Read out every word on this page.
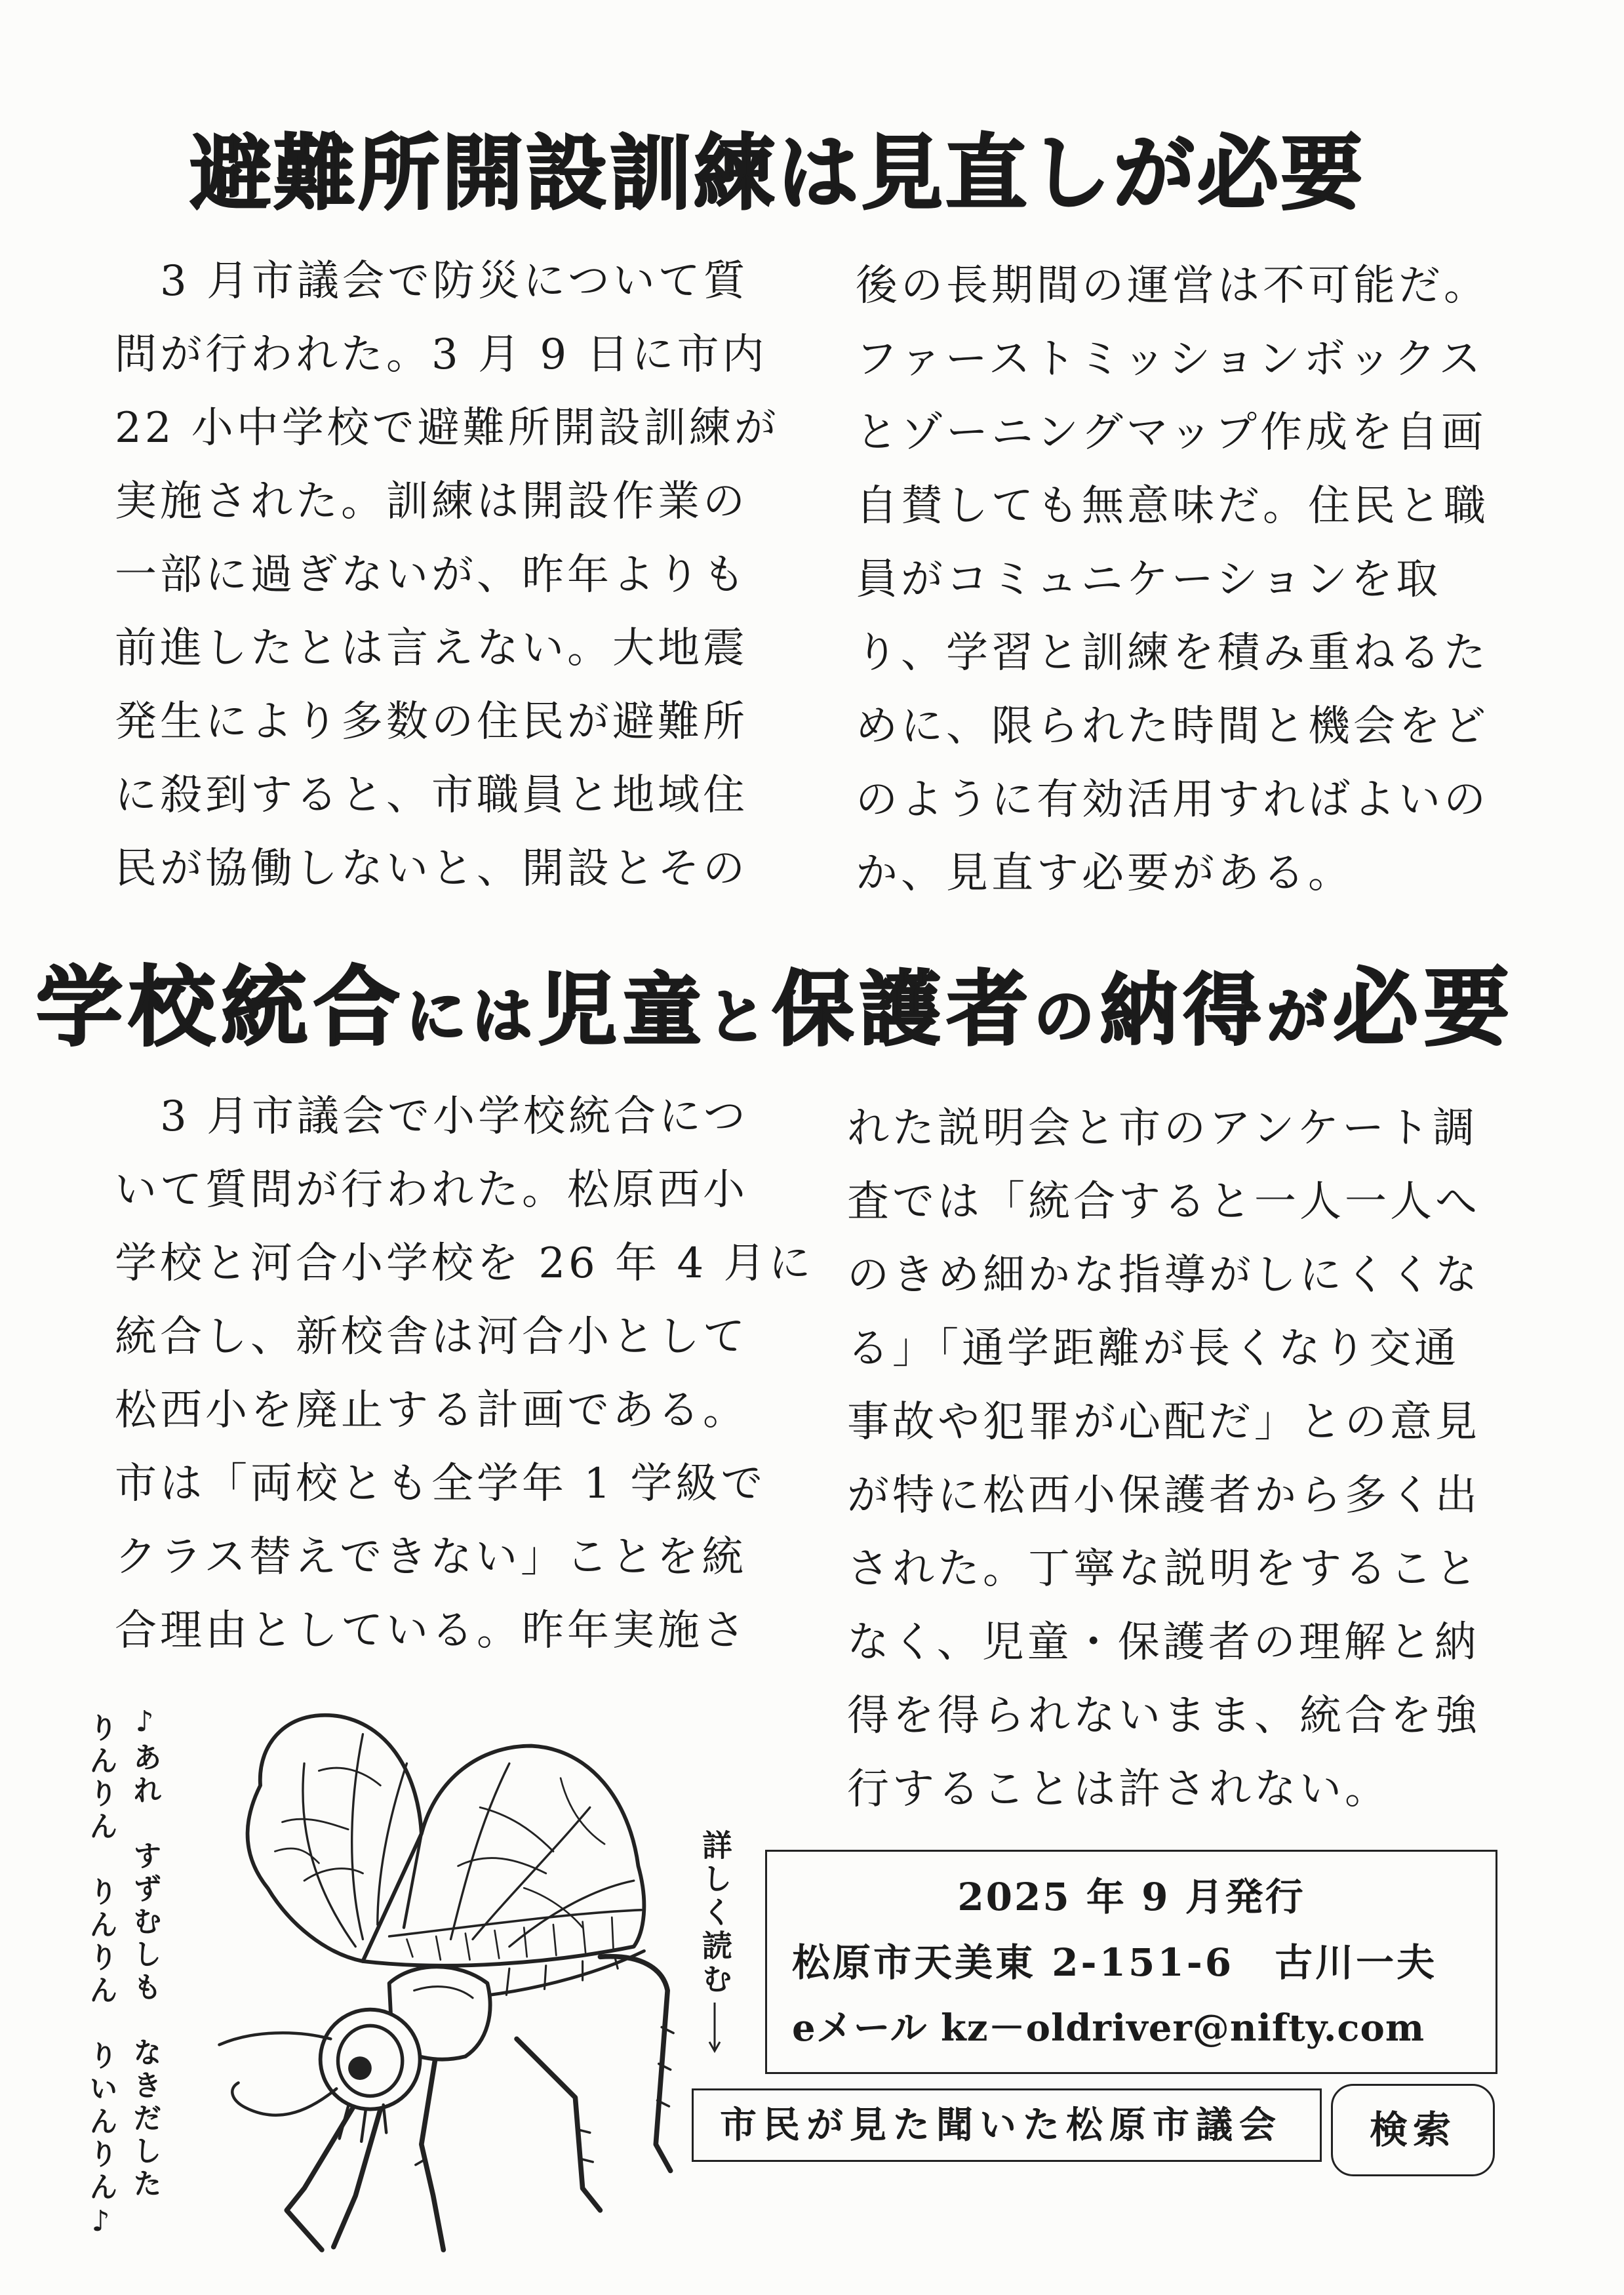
避難所開設訓練は見直しが必要
3 月市議会で防災について質
問が行われた。3 月 9 日に市内
22 小中学校で避難所開設訓練が
実施された。訓練は開設作業の
一部に過ぎないが、昨年よりも
前進したとは言えない。大地震
発生により多数の住民が避難所
に殺到すると、市職員と地域住
民が協働しないと、開設とその
後の長期間の運営は不可能だ。
ファーストミッションボックス
とゾーニングマップ作成を自画
自賛しても無意味だ。住民と職
員がコミュニケーションを取
り、学習と訓練を積み重ねるた
めに、限られた時間と機会をど
のように有効活用すればよいの
か、見直す必要がある。
学校統合には児童と保護者の納得が必要
3 月市議会で小学校統合につ
いて質問が行われた。松原西小
学校と河合小学校を 26 年 4 月に
統合し、新校舎は河合小として
松西小を廃止する計画である。
市は「両校とも全学年 1 学級で
クラス替えできない」ことを統
合理由としている。昨年実施さ
れた説明会と市のアンケート調
査では「統合すると一人一人へ
のきめ細かな指導がしにくくな
る」「通学距離が長くなり交通
事故や犯罪が心配だ」との意見
が特に松西小保護者から多く出
された。丁寧な説明をすること
なく、児童・保護者の理解と納
得を得られないまま、統合を強
行することは許されない。
♪あれ　すずむしも　なきだした
りんりん　りんりん　りいんりん♪	詳しく読む	2025 年 9 月発行
松原市天美東 2-151-6　古川一夫
eメール kz－oldriver@nifty.com
市民が見た聞いた松原市議会	検索
